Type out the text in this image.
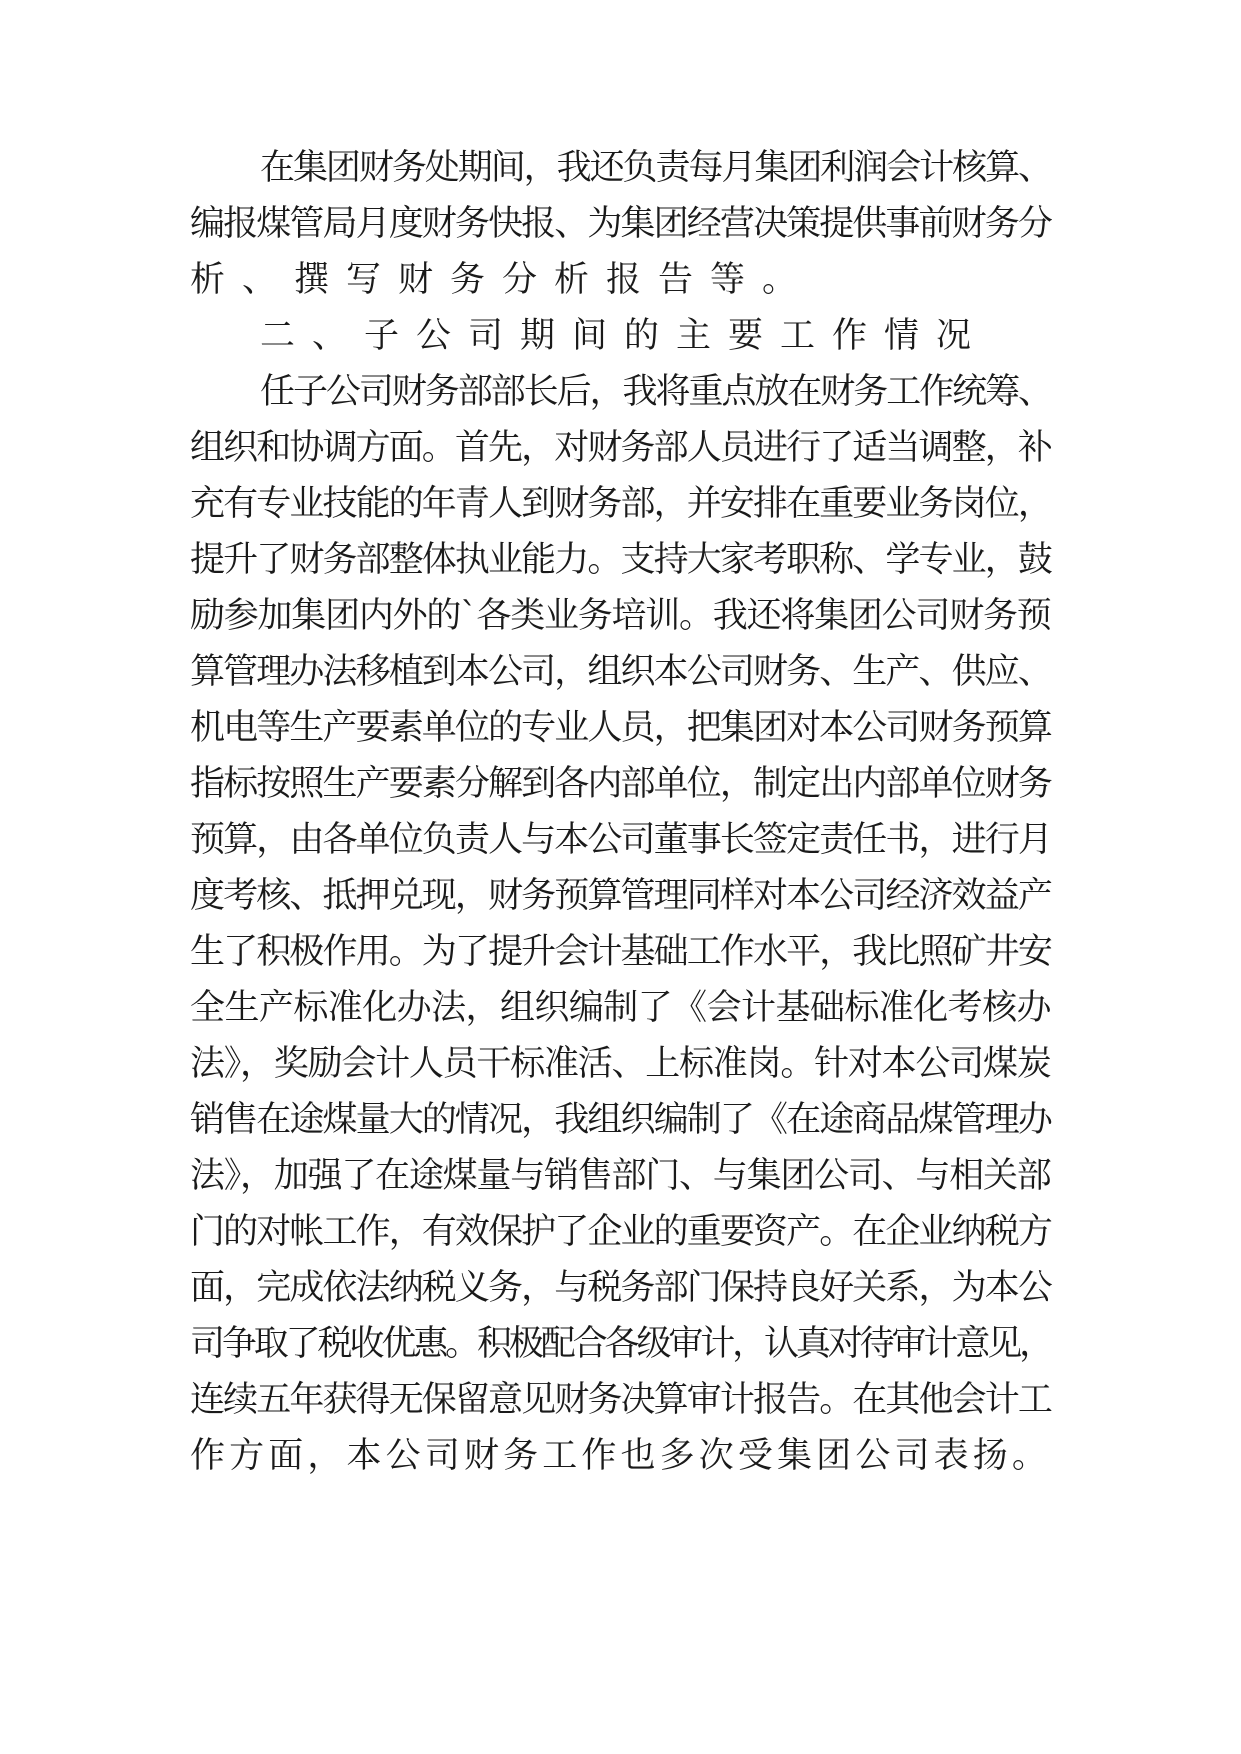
在集团财务处期间，我还负责每月集团利润会计核算、
编报煤管局月度财务快报、为集团经营决策提供事前财务分
析、撰写财务分析报告等。
二、子公司期间的主要工作情况
任子公司财务部部长后，我将重点放在财务工作统筹、
组织和协调方面。首先，对财务部人员进行了适当调整，补
充有专业技能的年青人到财务部，并安排在重要业务岗位，
提升了财务部整体执业能力。支持大家考职称、学专业，鼓
励参加集团内外的`各类业务培训。我还将集团公司财务预
算管理办法移植到本公司，组织本公司财务、生产、供应、
机电等生产要素单位的专业人员，把集团对本公司财务预算
指标按照生产要素分解到各内部单位，制定出内部单位财务
预算，由各单位负责人与本公司董事长签定责任书，进行月
度考核、抵押兑现，财务预算管理同样对本公司经济效益产
生了积极作用。为了提升会计基础工作水平，我比照矿井安
全生产标准化办法，组织编制了《会计基础标准化考核办
法》，奖励会计人员干标准活、上标准岗。针对本公司煤炭
销售在途煤量大的情况，我组织编制了《在途商品煤管理办
法》，加强了在途煤量与销售部门、与集团公司、与相关部
门的对帐工作，有效保护了企业的重要资产。在企业纳税方
面，完成依法纳税义务，与税务部门保持良好关系，为本公
司争取了税收优惠。积极配合各级审计，认真对待审计意见，
连续五年获得无保留意见财务决算审计报告。在其他会计工
作方面，本公司财务工作也多次受集团公司表扬。
